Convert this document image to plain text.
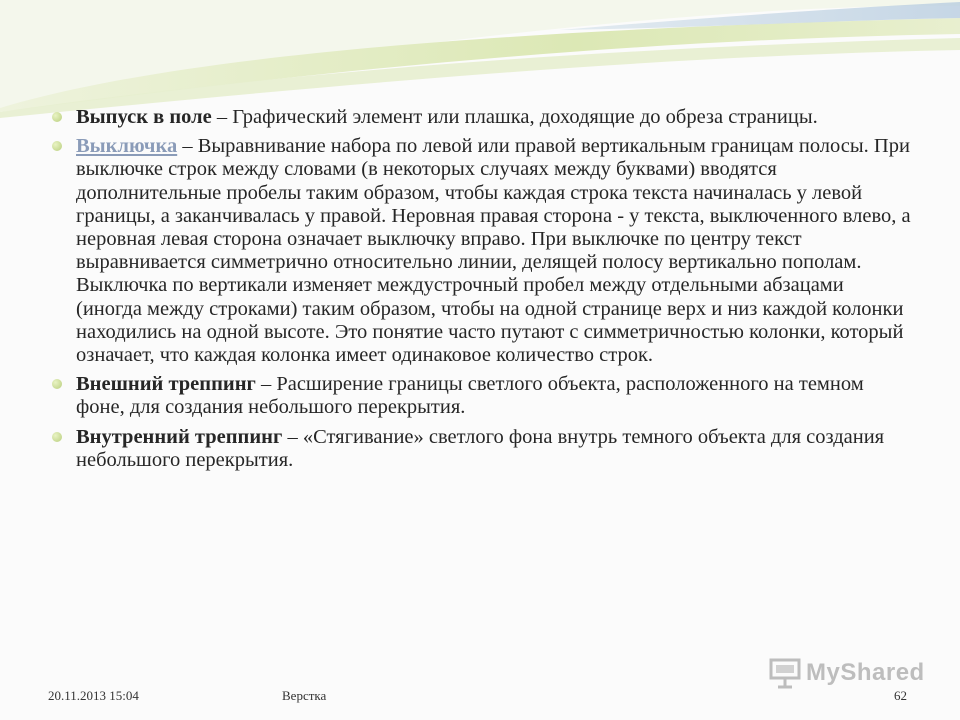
Выпуск в поле – Графический элемент или плашка, доходящие до обреза страницы.
Выключка – Выравнивание набора по левой или правой вертикальным границам полосы. При выключке строк между словами (в некоторых случаях между буквами) вводятся дополнительные пробелы таким образом, чтобы каждая строка текста начиналась у левой границы, а заканчивалась у правой. Неровная правая сторона - у текста, выключенного влево, а неровная левая сторона означает выключку вправо. При выключке по центру текст выравнивается симметрично относительно линии, делящей полосу вертикально пополам. Выключка по вертикали изменяет междустрочный пробел между отдельными абзацами (иногда между строками) таким образом, чтобы на одной странице верх и низ каждой колонки находились на одной высоте. Это понятие часто путают с симметричностью колонки, который означает, что каждая колонка имеет одинаковое количество строк.
Внешний треппинг – Расширение границы светлого объекта, расположенного на темном фоне, для создания небольшого перекрытия.
Внутренний треппинг – «Стягивание» светлого фона внутрь темного объекта для создания небольшого перекрытия.
MyShared
20.11.2013 15:04	Верстка	62
